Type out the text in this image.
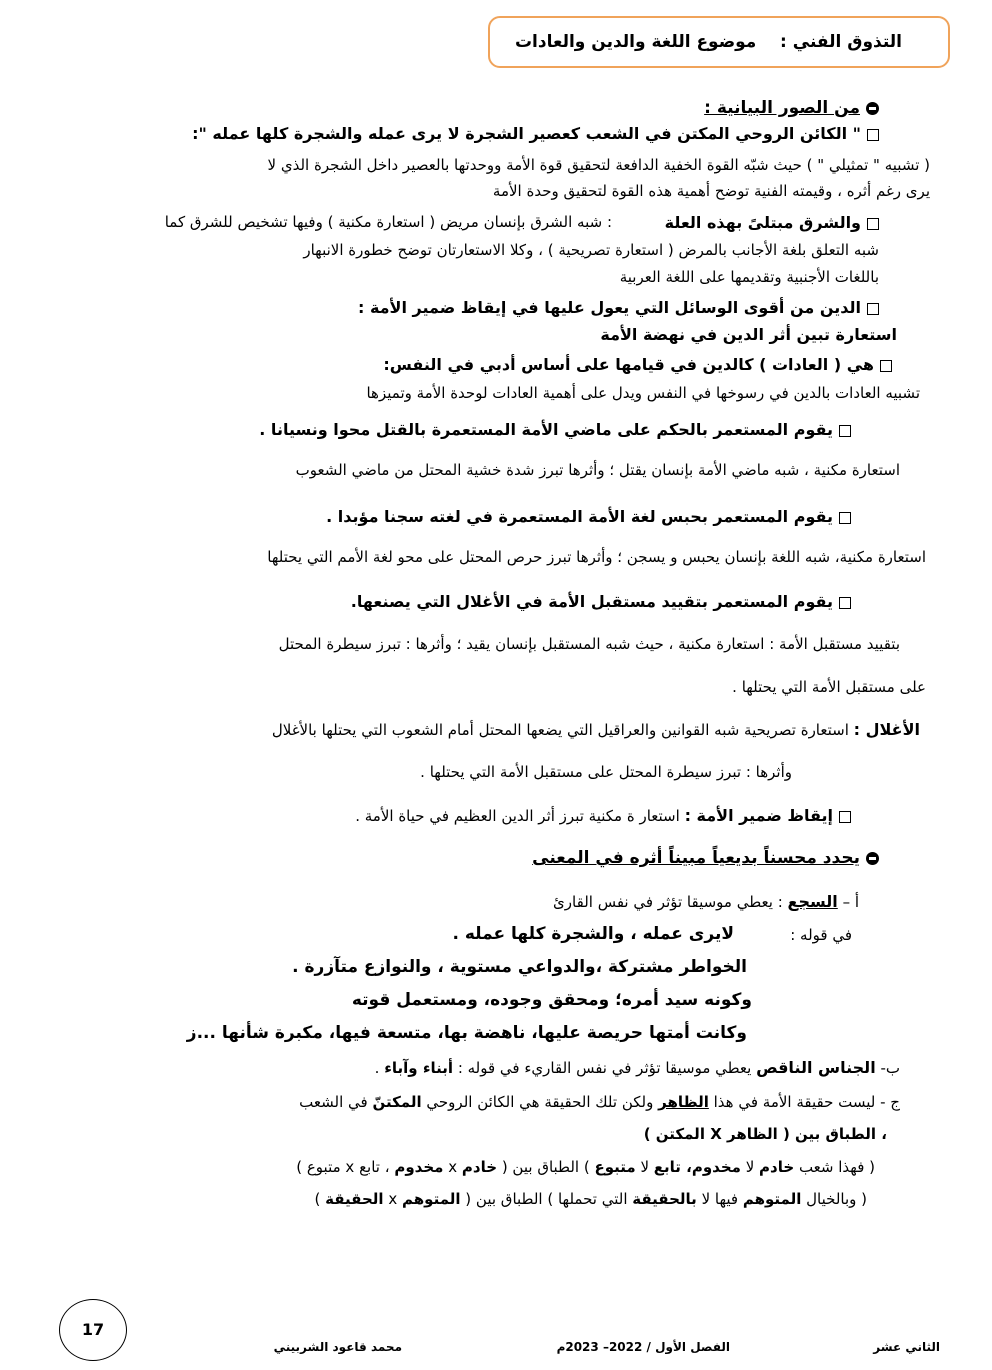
التذوق الفني :    موضوع اللغة والدين والعادات
من الصور البيانية :
" الكائن الروحي المكتن في الشعب كعصير الشجرة لا يرى عمله والشجرة كلها عمله ":
( تشبيه " تمثيلي " ) حيث شبّه القوة الخفية الدافعة لتحقيق قوة الأمة ووحدتها بالعصير داخل الشجرة الذي لا
يرى رغم أثره ، وقيمته الفنية توضح أهمية هذه القوة لتحقيق وحدة الأمة
والشرق مبتلىً بهذه العلة
: شبه الشرق بإنسان مريض ( استعارة مكنية ) وفيها تشخيص للشرق كما
شبه التعلق بلغة الأجانب بالمرض ( استعارة تصريحية ) ، وكلا الاستعارتان توضح خطورة الانبهار
باللغات الأجنبية وتقديمها على اللغة العربية
الدين من أقوى الوسائل التي يعول عليها في إيقاظ ضمير الأمة :
استعارة تبين أثر الدين في نهضة الأمة
هي ( العادات ) كالدين في قيامها على أساس أدبي في النفس:
تشبيه العادات بالدين في رسوخها في النفس ويدل على أهمية العادات لوحدة الأمة وتميزها
يقوم المستعمر بالحكم على ماضي الأمة المستعمرة بالقتل محوا ونسيانا .
استعارة مكنية ، شبه ماضي الأمة بإنسان يقتل ؛ وأثرها تبرز شدة خشية المحتل من ماضي الشعوب
يقوم المستعمر بحبس لغة الأمة المستعمرة في لغته سجنا مؤبدا .
استعارة مكنية، شبه اللغة بإنسان يحبس و يسجن ؛ وأثرها تبرز حرص المحتل على محو لغة الأمم التي يحتلها
يقوم المستعمر بتقييد مستقبل الأمة في الأغلال التي يصنعها.
بتقييد مستقبل الأمة : استعارة مكنية ، حيث شبه المستقبل بإنسان يقيد ؛ وأثرها : تبرز سيطرة المحتل
على مستقبل الأمة التي يحتلها .
الأغلال : استعارة تصريحية شبه القوانين والعراقيل التي يضعها المحتل أمام الشعوب التي يحتلها بالأغلال
وأثرها : تبرز سيطرة المحتل على مستقبل الأمة التي يحتلها .
إيقاظ ضمير الأمة : استعار ة مكنية تبرز أثر الدين العظيم في حياة الأمة .
يحدد محسناً بديعياً مبيناً أثره في المعنى
أ – السجع : يعطي موسيقا تؤثر في نفس القارئ
في قوله :
لايرى عمله ، والشجرة كلها عمله .
الخواطر مشتركة ،والدواعي مستوية ، والنوازع متآزرة .
وكونه سيد أمره؛ ومحقق وجوده، ومستعمل قوته
وكانت أمتها حريصة عليها، ناهضة بها، متسعة فيها، مكبرة شأنها ...ز
ب- الجناس الناقص يعطي موسيقا تؤثر في نفس القاريء في قوله : أبناء وآباء .
ج - ليست حقيقة الأمة في هذا الظاهر ولكن تلك الحقيقة هي الكائن الروحي المكتنّ في الشعب
، الطباق بين ( الظاهر X المكتن )
( فهذا شعب خادم لا مخدوم، تابع لا متبوع ) الطباق بين ( خادم x مخدوم ، تابع x متبوع )
( وبالخيال المتوهم فيها لا بالحقيقة التي تحملها ) الطباق بين ( المتوهم x الحقيقة )
17
الثاني عشر
الفصل الأول / 2022– 2023م
محمد قاعود الشربيني
